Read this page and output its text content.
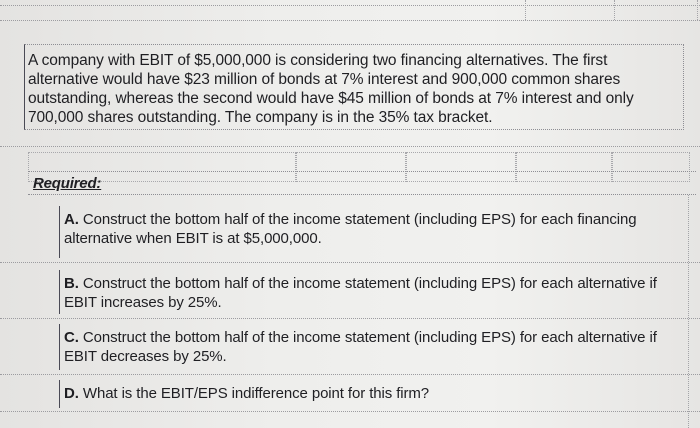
A company with EBIT of $5,000,000 is considering two financing alternatives. The first alternative would have $23 million of bonds at 7% interest and 900,000 common shares outstanding, whereas the second would have $45 million of bonds at 7% interest and only 700,000 shares outstanding. The company is in the 35% tax bracket.
Required:
A. Construct the bottom half of the income statement (including EPS) for each financing alternative when EBIT is at $5,000,000.
B. Construct the bottom half of the income statement (including EPS) for each alternative if EBIT increases by 25%.
C. Construct the bottom half of the income statement (including EPS) for each alternative if EBIT decreases by 25%.
D. What is the EBIT/EPS indifference point for this firm?
